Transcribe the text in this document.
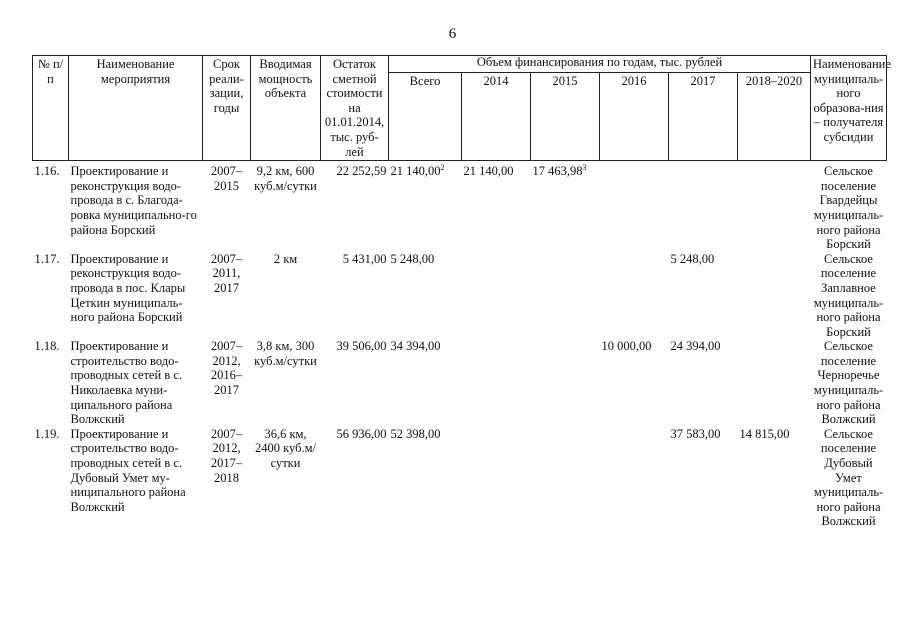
6
№ п/п	Наименование мероприятия	Срок реали-зации, годы	Вводимая мощность объекта	Остаток сметной стоимости на 01.01.2014, тыс. руб-лей	Объем финансирования по годам, тыс. рублей						Наименование муниципаль-ного образова-ния – получателя субсидии
					Всего	2014	2015	2016	2017	2018–2020	
1.16.	Проектирование и реконструкция водо-провода в с. Благода-ровка муниципально-го района Борский	2007–2015	9,2 км, 600 куб.м/сутки	22 252,59	21 140,00$^2$	21 140,00	17 463,98$^3$				Сельское поселение Гвардейцы муниципаль-ного района Борский
1.17.	Проектирование и реконструкция водо-провода в пос. Клары Цеткин муниципаль-ного района Борский	2007–2011, 2017	2 км	5 431,00	5 248,00				5 248,00		Сельское поселение Заплавное муниципаль-ного района Борский
1.18.	Проектирование и строительство водо-проводных сетей в с. Николаевка муни-ципального района Волжский	2007–2012, 2016–2017	3,8 км, 300 куб.м/сутки	39 506,00	34 394,00			10 000,00	24 394,00		Сельское поселение Черноречье муниципаль-ного района Волжский
1.19.	Проектирование и строительство водо-проводных сетей в с. Дубовый Умет му-ниципального района Волжский	2007–2012, 2017–2018	36,6 км, 2400 куб.м/сутки	56 936,00	52 398,00				37 583,00	14 815,00	Сельское поселение Дубовый Умет муниципаль-ного района Волжский
